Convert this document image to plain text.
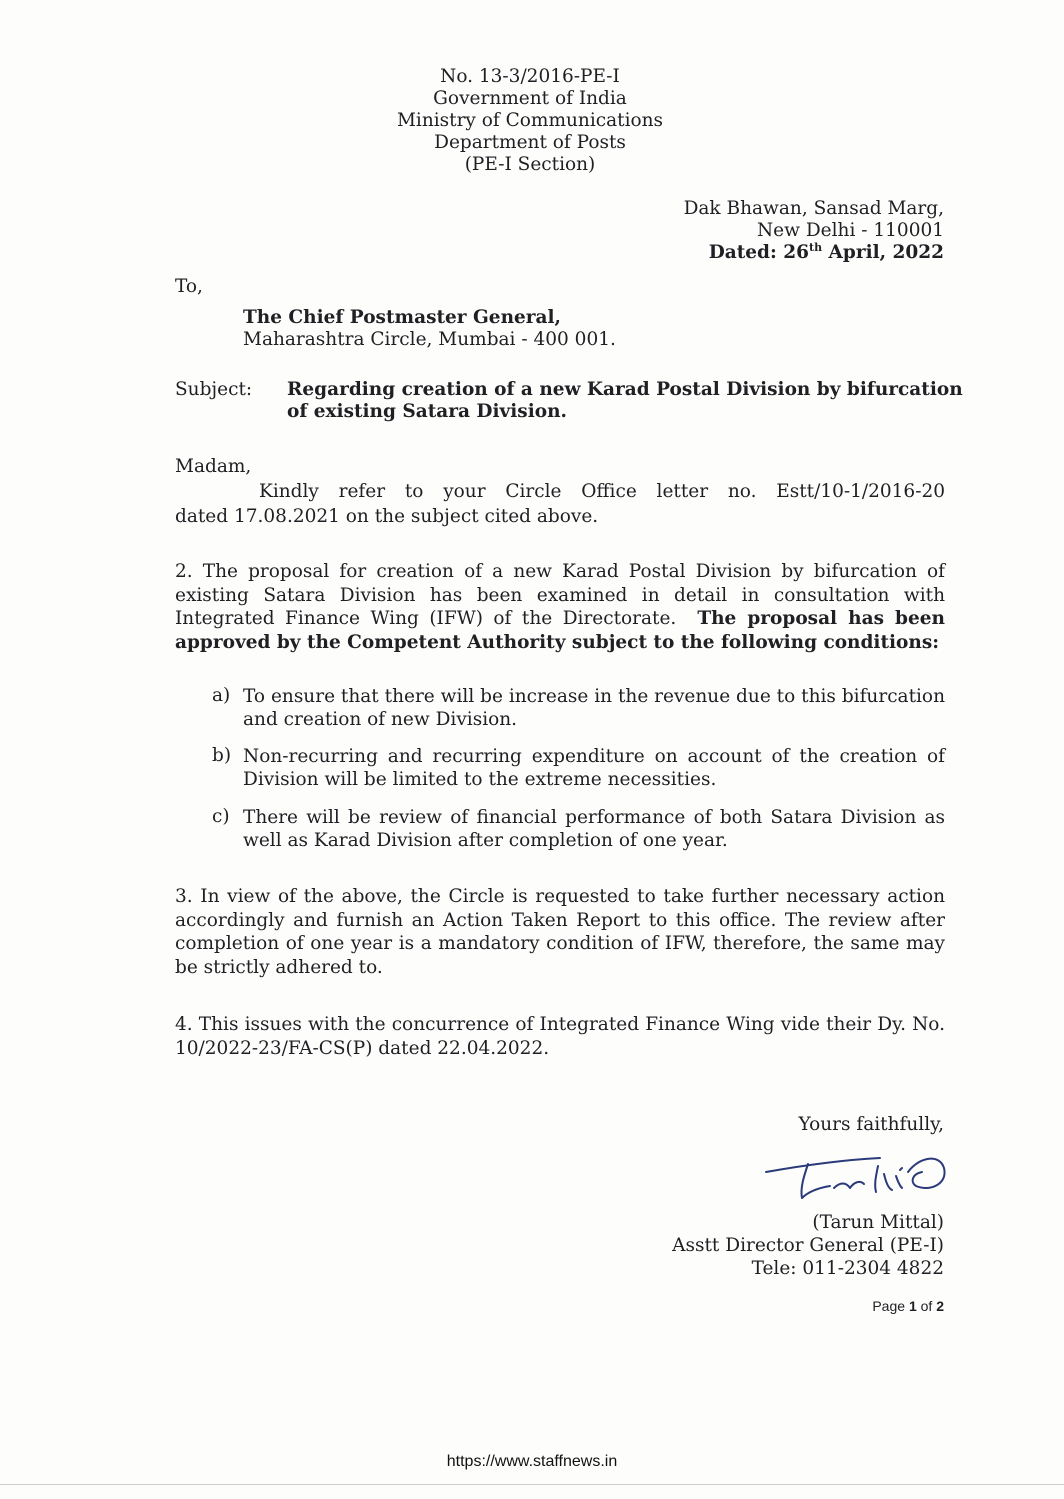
No. 13-3/2016-PE-I
Government of India
Ministry of Communications
Department of Posts
(PE-I Section)
Dak Bhawan, Sansad Marg,
New Delhi - 110001
Dated: 26th April, 2022
To,
The Chief Postmaster General,
Maharashtra Circle, Mumbai - 400 001.
Subject: Regarding creation of a new Karad Postal Division by bifurcation
of existing Satara Division.
Madam,
Kindly refer to your Circle Office letter no. Estt/10-1/2016-20
dated 17.08.2021 on the subject cited above.
2. The proposal for creation of a new Karad Postal Division by bifurcation of existing Satara Division has been examined in detail in consultation with Integrated Finance Wing (IFW) of the Directorate. The proposal has been approved by the Competent Authority subject to the following conditions:
a) To ensure that there will be increase in the revenue due to this bifurcation and creation of new Division.
b) Non-recurring and recurring expenditure on account of the creation of Division will be limited to the extreme necessities.
c) There will be review of financial performance of both Satara Division as well as Karad Division after completion of one year.
3. In view of the above, the Circle is requested to take further necessary action accordingly and furnish an Action Taken Report to this office. The review after completion of one year is a mandatory condition of IFW, therefore, the same may be strictly adhered to.
4. This issues with the concurrence of Integrated Finance Wing vide their Dy. No. 10/2022-23/FA-CS(P) dated 22.04.2022.
Yours faithfully,
(Tarun Mittal)
Asstt Director General (PE-I)
Tele: 011-2304 4822
Page 1 of 2
https://www.staffnews.in
